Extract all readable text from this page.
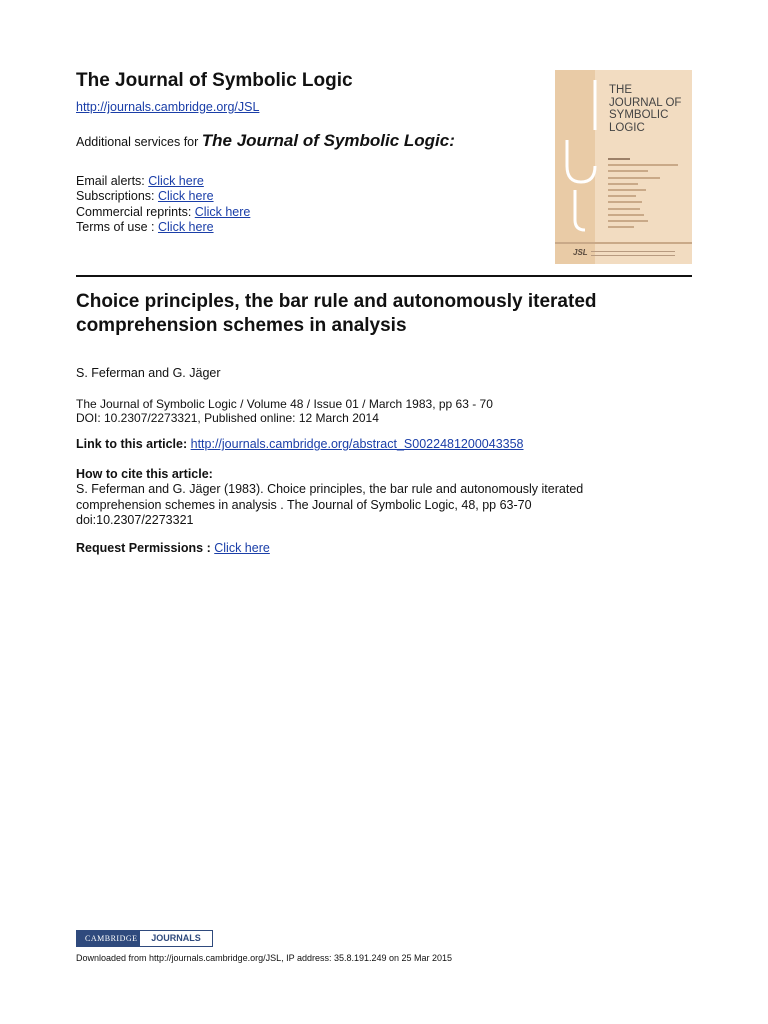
The Journal of Symbolic Logic
http://journals.cambridge.org/JSL
Additional services for The Journal of Symbolic Logic:
Email alerts: Click here
Subscriptions: Click here
Commercial reprints: Click here
Terms of use : Click here
THE
JOURNAL OF
SYMBOLIC
LOGIC
JSL
Choice principles, the bar rule and autonomously iterated comprehension schemes in analysis
S. Feferman and G. Jäger
The Journal of Symbolic Logic / Volume 48 / Issue 01 / March 1983, pp 63 - 70
DOI: 10.2307/2273321, Published online: 12 March 2014
Link to this article: http://journals.cambridge.org/abstract_S0022481200043358
How to cite this article:
S. Feferman and G. Jäger (1983). Choice principles, the bar rule and autonomously iterated
comprehension schemes in analysis . The Journal of Symbolic Logic, 48, pp 63-70
doi:10.2307/2273321
Request Permissions : Click here
CAMBRIDGE	JOURNALS
Downloaded from http://journals.cambridge.org/JSL, IP address: 35.8.191.249 on 25 Mar 2015
